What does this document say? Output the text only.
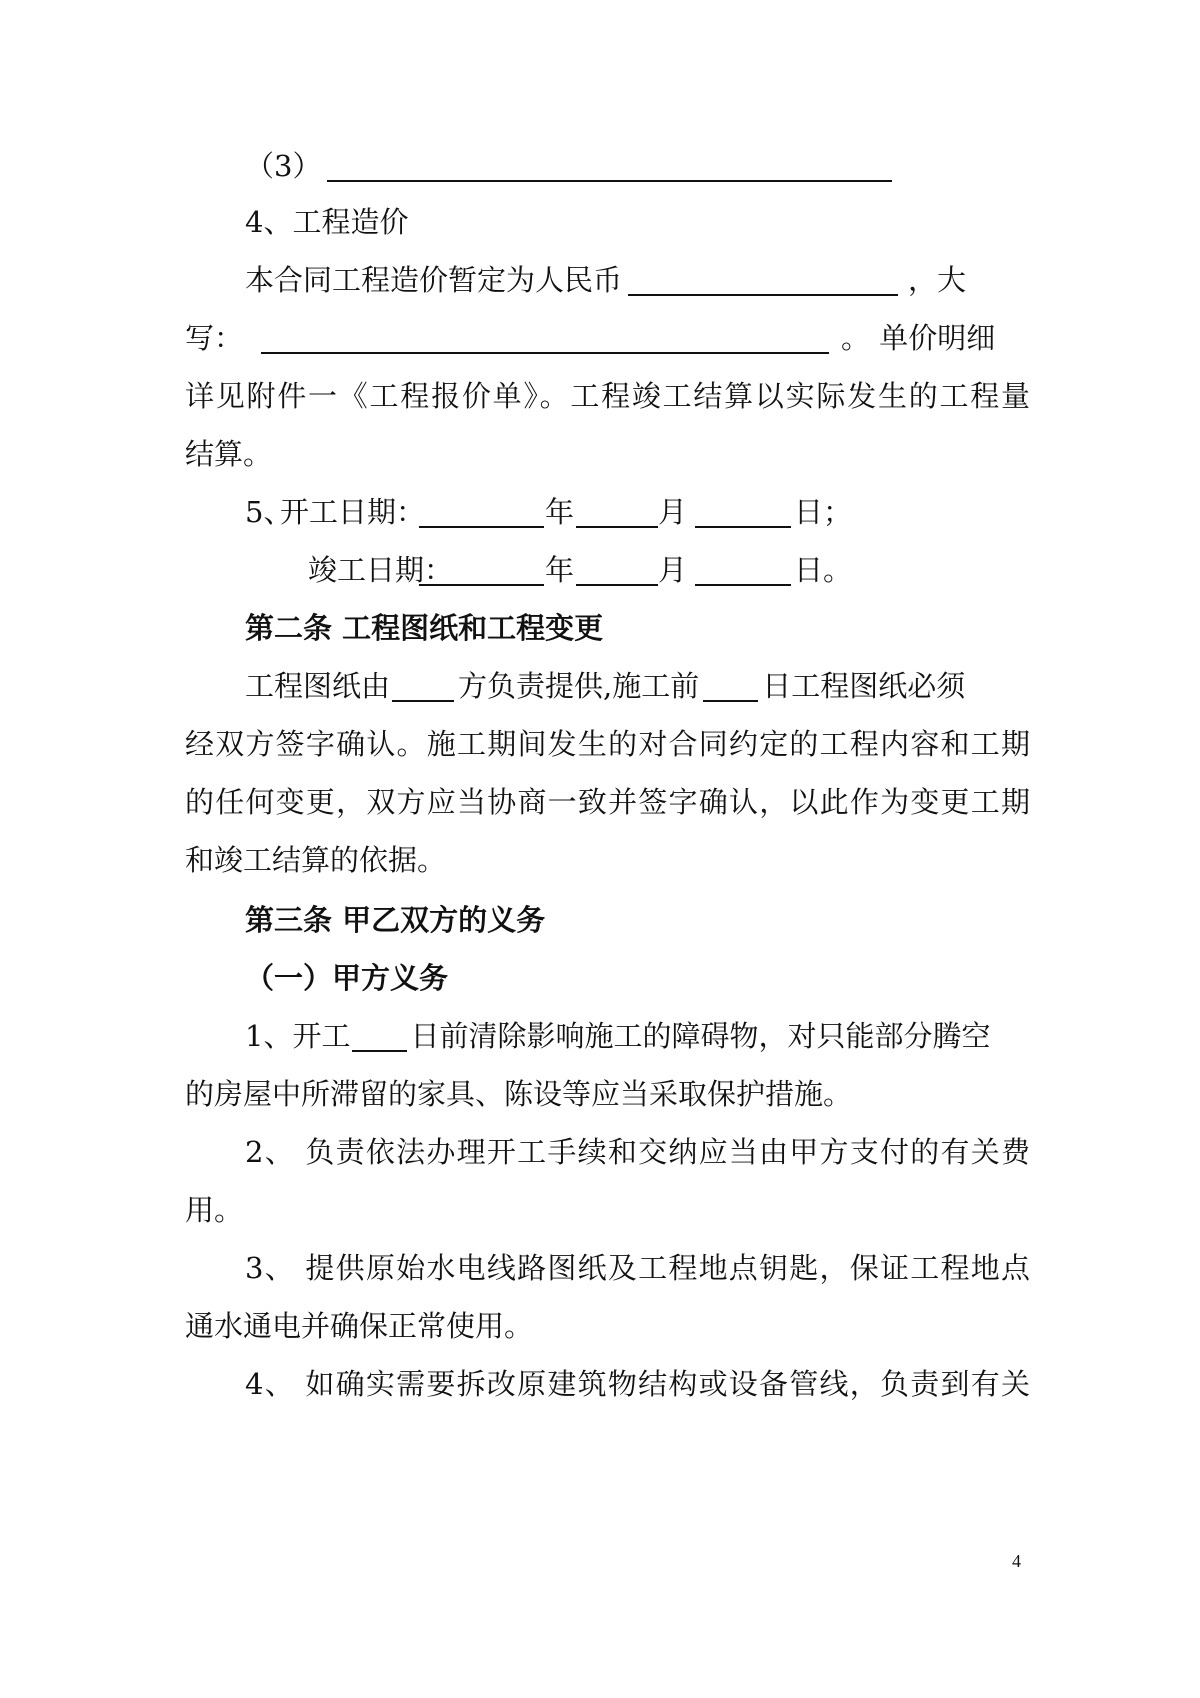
（3）
4、工程造价
本合同工程造价暂定为人民币	，大
写：	。 单价明细
详见附件一《工程报价单》。工程竣工结算以实际发生的工程量
结算。
5、
开工日期：	年	月	日；
竣工日期：	年	月	日。
第二条 工程图纸和工程变更
工程图纸由 方负责提供,施工前 日工程图纸必须
经双方签字确认。施工期间发生的对合同约定的工程内容和工期
的任何变更，双方应当协商一致并签字确认，以此作为变更工期
和竣工结算的依据。
第三条 甲乙双方的义务
（一）甲方义务
1、开工 日前清除影响施工的障碍物，对只能部分腾空
的房屋中所滞留的家具、陈设等应当采取保护措施。
2、 负责依法办理开工手续和交纳应当由甲方支付的有关费
用。
3、 提供原始水电线路图纸及工程地点钥匙，保证工程地点
通水通电并确保正常使用。
4、 如确实需要拆改原建筑物结构或设备管线，负责到有关
4
